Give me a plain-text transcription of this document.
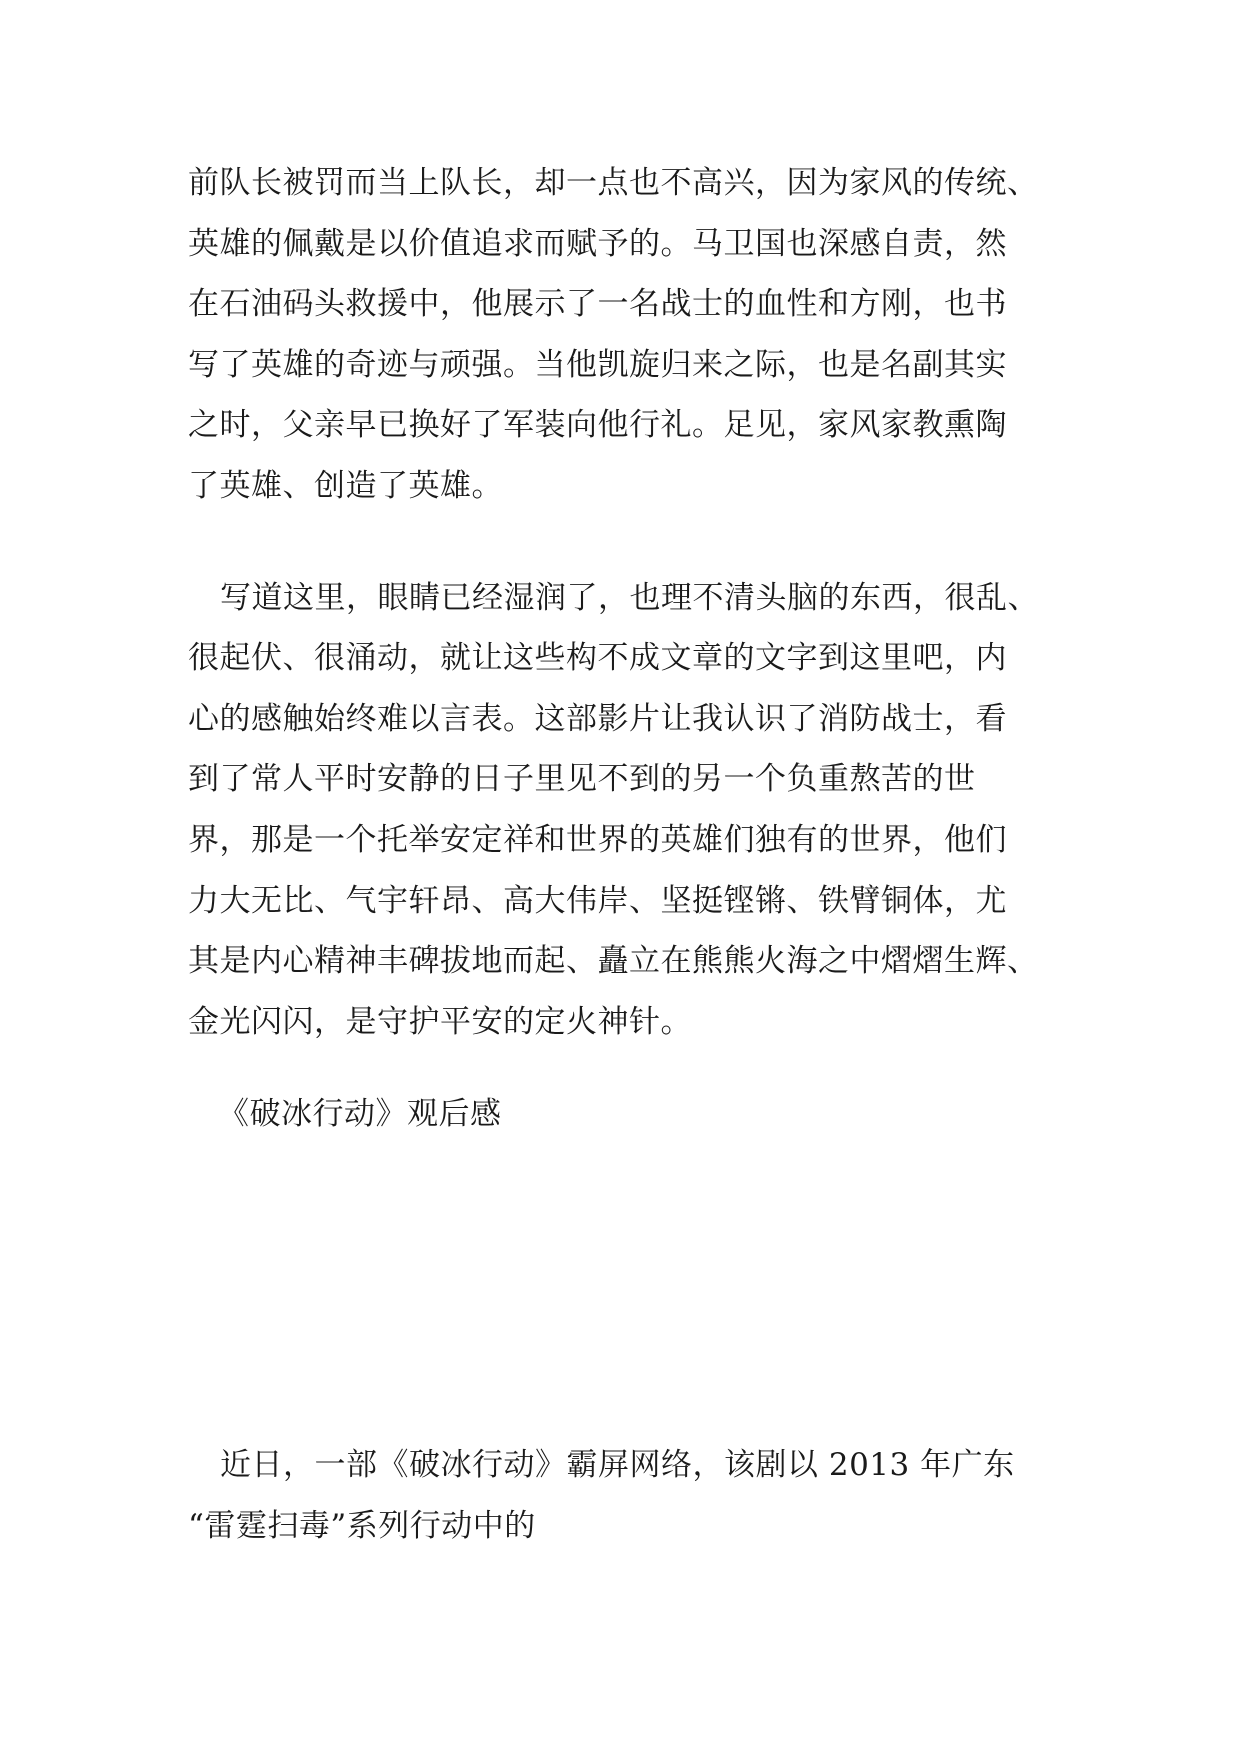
前队长被罚而当上队长，却一点也不高兴，因为家风的传统、
英雄的佩戴是以价值追求而赋予的。马卫国也深感自责，然
在石油码头救援中，他展示了一名战士的血性和方刚，也书
写了英雄的奇迹与顽强。当他凯旋归来之际，也是名副其实
之时，父亲早已换好了军装向他行礼。足见，家风家教熏陶
了英雄、创造了英雄。
写道这里，眼睛已经湿润了，也理不清头脑的东西，很乱、
很起伏、很涌动，就让这些构不成文章的文字到这里吧，内
心的感触始终难以言表。这部影片让我认识了消防战士，看
到了常人平时安静的日子里见不到的另一个负重熬苦的世
界，那是一个托举安定祥和世界的英雄们独有的世界，他们
力大无比、气宇轩昂、高大伟岸、坚挺铿锵、铁臂铜体，尤
其是内心精神丰碑拔地而起、矗立在熊熊火海之中熠熠生辉、
金光闪闪，是守护平安的定火神针。
《破冰行动》观后感
近日，一部《破冰行动》霸屏网络，该剧以 2013 年广东
“雷霆扫毒”系列行动中的
